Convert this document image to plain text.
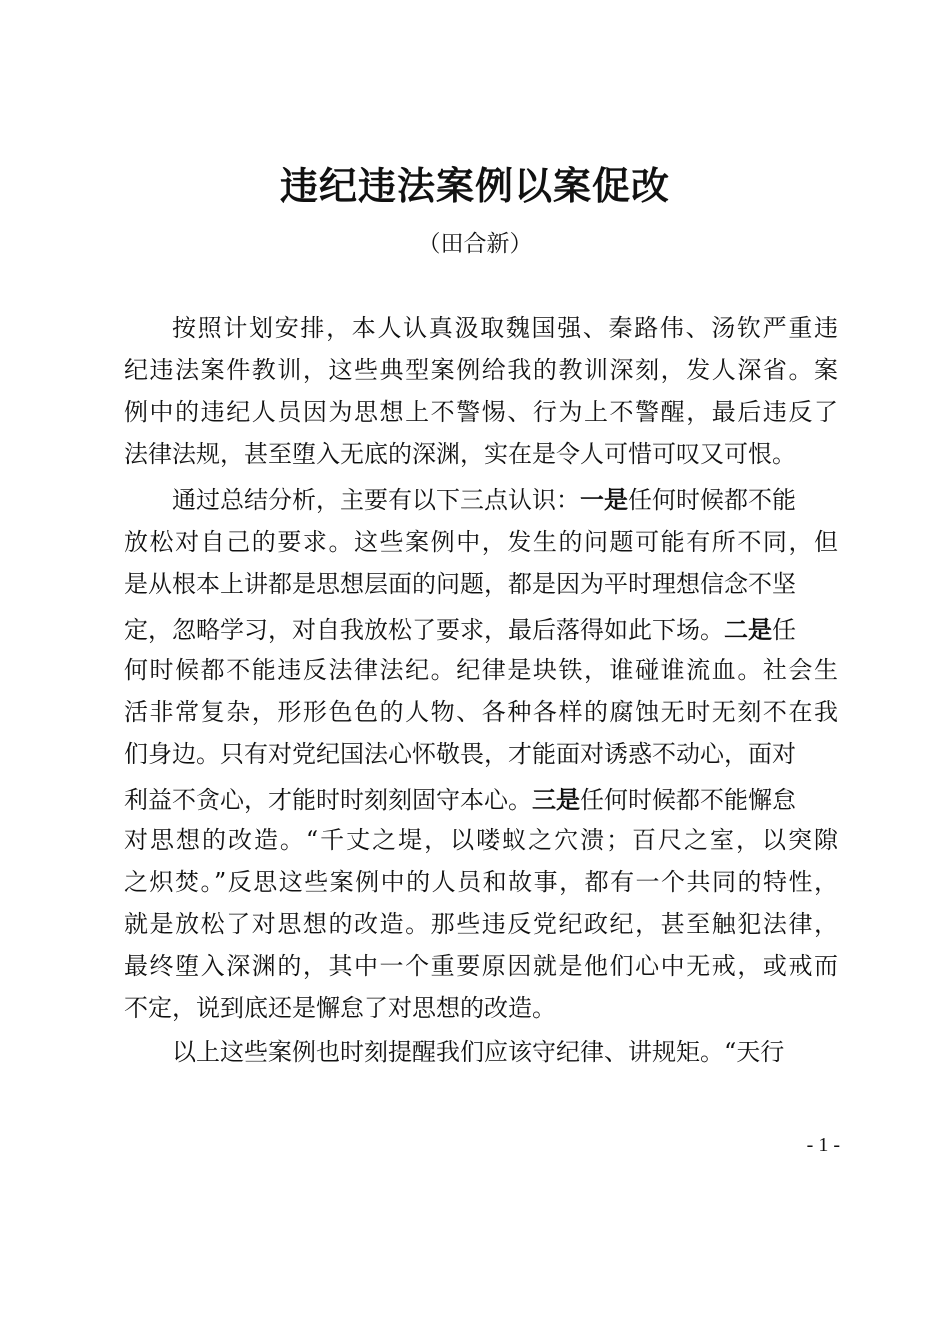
违纪违法案例以案促改
（田合新）
按照计划安排，本人认真汲取魏国强、秦路伟、汤钦严重违
纪违法案件教训，这些典型案例给我的教训深刻，发人深省。案
例中的违纪人员因为思想上不警惕、行为上不警醒，最后违反了
法律法规，甚至堕入无底的深渊，实在是令人可惜可叹又可恨。
通过总结分析，主要有以下三点认识：一是任何时候都不能
放松对自己的要求。这些案例中，发生的问题可能有所不同，但
是从根本上讲都是思想层面的问题，都是因为平时理想信念不坚
定，忽略学习，对自我放松了要求，最后落得如此下场。二是任
何时候都不能违反法律法纪。纪律是块铁，谁碰谁流血。社会生
活非常复杂，形形色色的人物、各种各样的腐蚀无时无刻不在我
们身边。只有对党纪国法心怀敬畏，才能面对诱惑不动心，面对
利益不贪心，才能时时刻刻固守本心。三是任何时候都不能懈怠
对思想的改造。“千丈之堤，以喽蚁之穴溃；百尺之室，以突隙
之炽焚。”反思这些案例中的人员和故事，都有一个共同的特性，
就是放松了对思想的改造。那些违反党纪政纪，甚至触犯法律，
最终堕入深渊的，其中一个重要原因就是他们心中无戒，或戒而
不定，说到底还是懈怠了对思想的改造。
以上这些案例也时刻提醒我们应该守纪律、讲规矩。“天行
- 1 -
